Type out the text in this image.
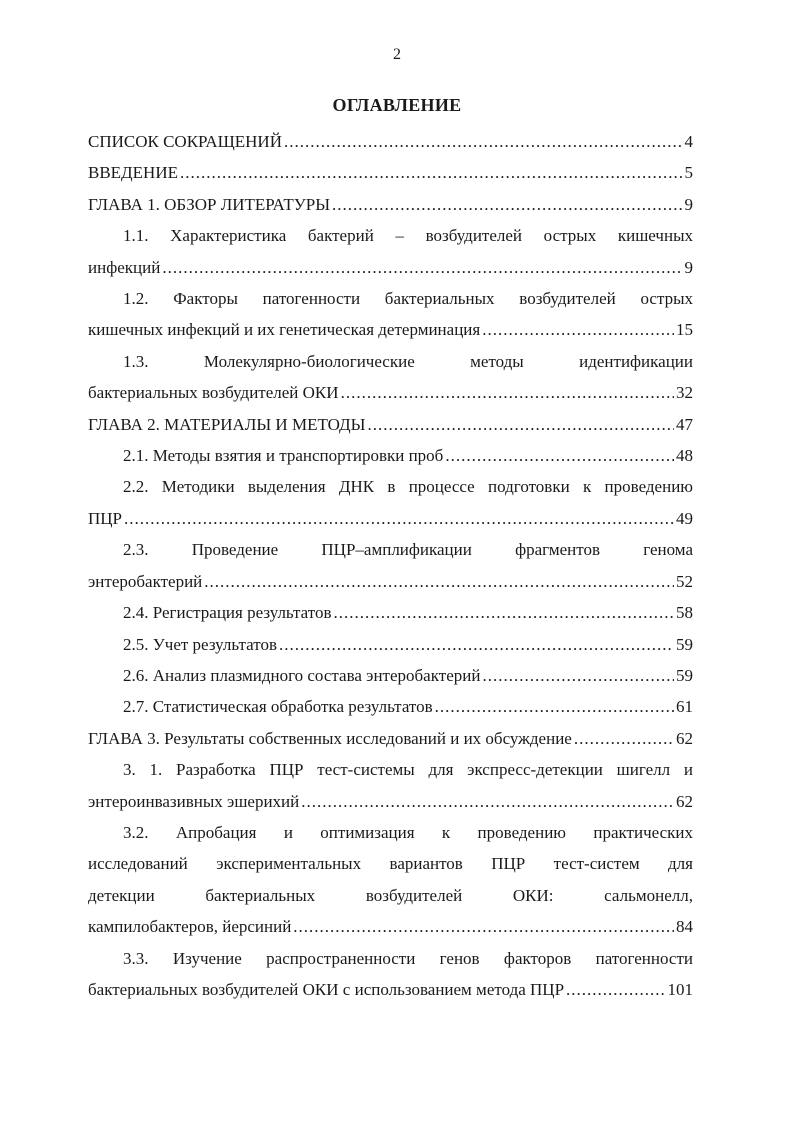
2
ОГЛАВЛЕНИЕ
СПИСОК СОКРАЩЕНИЙ .....	4
ВВЕДЕНИЕ .....	5
ГЛАВА 1. ОБЗОР ЛИТЕРАТУРЫ .....	9
1.1. Характеристика бактерий – возбудителей острых кишечных
инфекций .....	9
1.2. Факторы патогенности бактериальных возбудителей острых
кишечных инфекций и их генетическая детерминация .....	15
1.3. Молекулярно-биологические методы идентификации
бактериальных возбудителей ОКИ .....	32
ГЛАВА 2. МАТЕРИАЛЫ И МЕТОДЫ .....	47
2.1. Методы взятия и транспортировки проб .....	48
2.2. Методики выделения ДНК в процессе подготовки к проведению
ПЦР .....	49
2.3. Проведение ПЦР–амплификации фрагментов генома
энтеробактерий .....	52
2.4. Регистрация результатов .....	58
2.5. Учет результатов .....	59
2.6. Анализ плазмидного состава энтеробактерий .....	59
2.7. Статистическая обработка результатов .....	61
ГЛАВА 3. Результаты собственных исследований и их обсуждение .....	62
3. 1. Разработка ПЦР тест-системы для экспресс-детекции шигелл и
энтероинвазивных эшерихий .....	62
3.2. Апробация и оптимизация к проведению практических
исследований экспериментальных вариантов ПЦР тест-систем для
детекции бактериальных возбудителей ОКИ: сальмонелл,
кампилобактеров, йерсиний .....	84
3.3. Изучение распространенности генов факторов патогенности
бактериальных возбудителей ОКИ с использованием метода ПЦР .....	101
